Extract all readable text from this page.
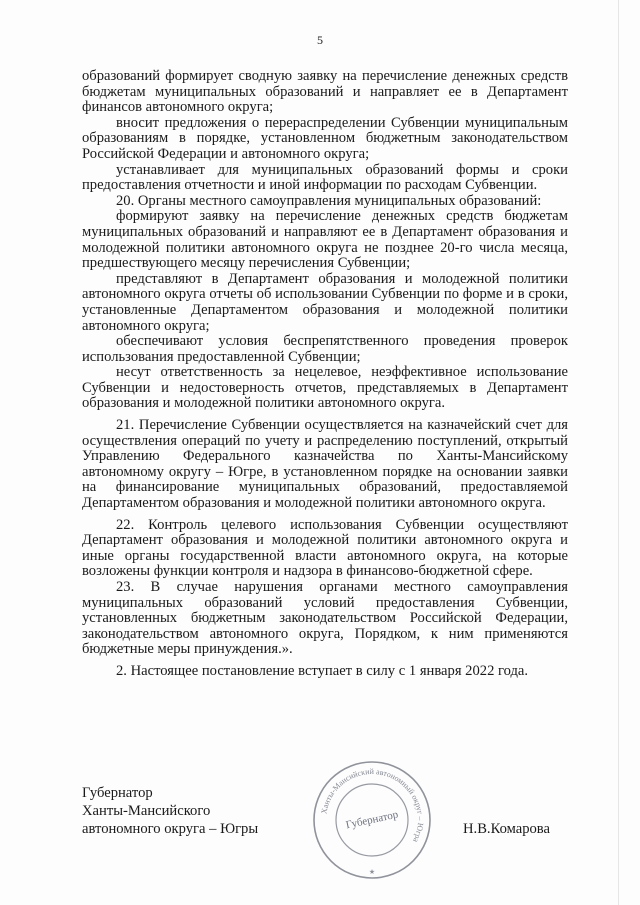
5

образований формирует сводную заявку на перечисление денежных средств бюджетам муниципальных образований и направляет ее в Департамент финансов автономного округа;

вносит предложения о перераспределении Субвенции муниципальным образованиям в порядке, установленном бюджетным законодательством Российской Федерации и автономного округа;

устанавливает для муниципальных образований формы и сроки предоставления отчетности и иной информации по расходам Субвенции.

20. Органы местного самоуправления муниципальных образований:

формируют заявку на перечисление денежных средств бюджетам муниципальных образований и направляют ее в Департамент образования и молодежной политики автономного округа не позднее 20-го числа месяца, предшествующего месяцу перечисления Субвенции;

представляют в Департамент образования и молодежной политики автономного округа отчеты об использовании Субвенции по форме и в сроки, установленные Департаментом образования и молодежной политики автономного округа;

обеспечивают условия беспрепятственного проведения проверок использования предоставленной Субвенции;

несут ответственность за нецелевое, неэффективное использование Субвенции и недостоверность отчетов, представляемых в Департамент образования и молодежной политики автономного округа.

21. Перечисление Субвенции осуществляется на казначейский счет для осуществления операций по учету и распределению поступлений, открытый Управлению Федерального казначейства по Ханты-Мансийскому автономному округу – Югре, в установленном порядке на основании заявки на финансирование муниципальных образований, предоставляемой Департаментом образования и молодежной политики автономного округа.

22. Контроль целевого использования Субвенции осуществляют Департамент образования и молодежной политики автономного округа и иные органы государственной власти автономного округа, на которые возложены функции контроля и надзора в финансово-бюджетной сфере.

23. В случае нарушения органами местного самоуправления муниципальных образований условий предоставления Субвенции, установленных бюджетным законодательством Российской Федерации, законодательством автономного округа, Порядком, к ним применяются бюджетные меры принуждения.».

2. Настоящее постановление вступает в силу с 1 января 2022 года.

Губернатор
Ханты-Мансийского
автономного округа – Югры
Ханты-Мансийский автономный округ – Югра
Губернатор
★
Н.В.Комарова
